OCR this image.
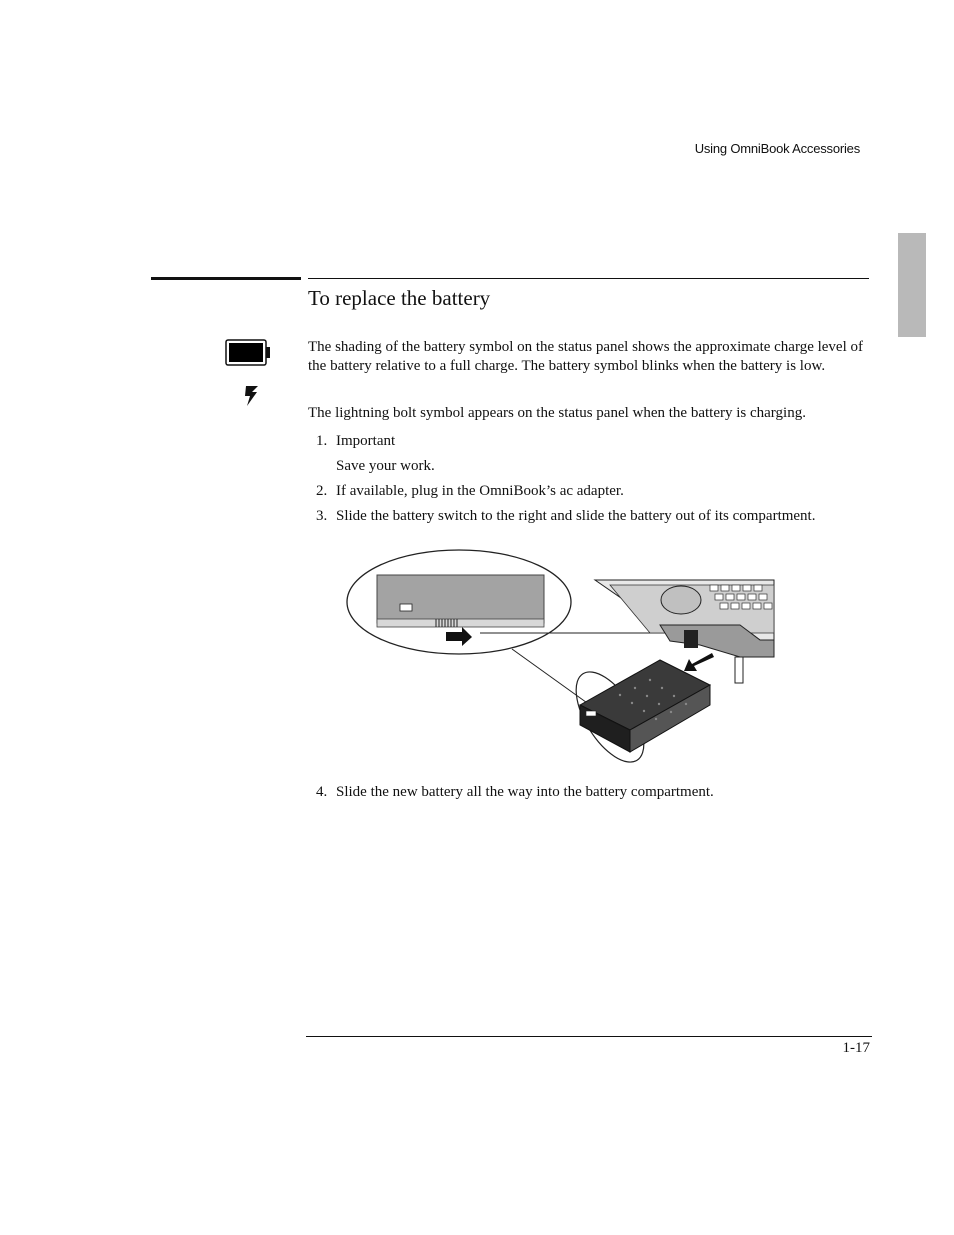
Using OmniBook Accessories
To replace the battery

The shading of the battery symbol on the status panel shows the approximate charge level of the battery relative to a full charge. The battery symbol blinks when the battery is low.

The lightning bolt symbol appears on the status panel when the battery is charging.

1. Important
Save your work.
2. If available, plug in the OmniBook’s ac adapter.
3. Slide the battery switch to the right and slide the battery out of its compartment.
4. Slide the new battery all the way into the battery compartment.
1-17
